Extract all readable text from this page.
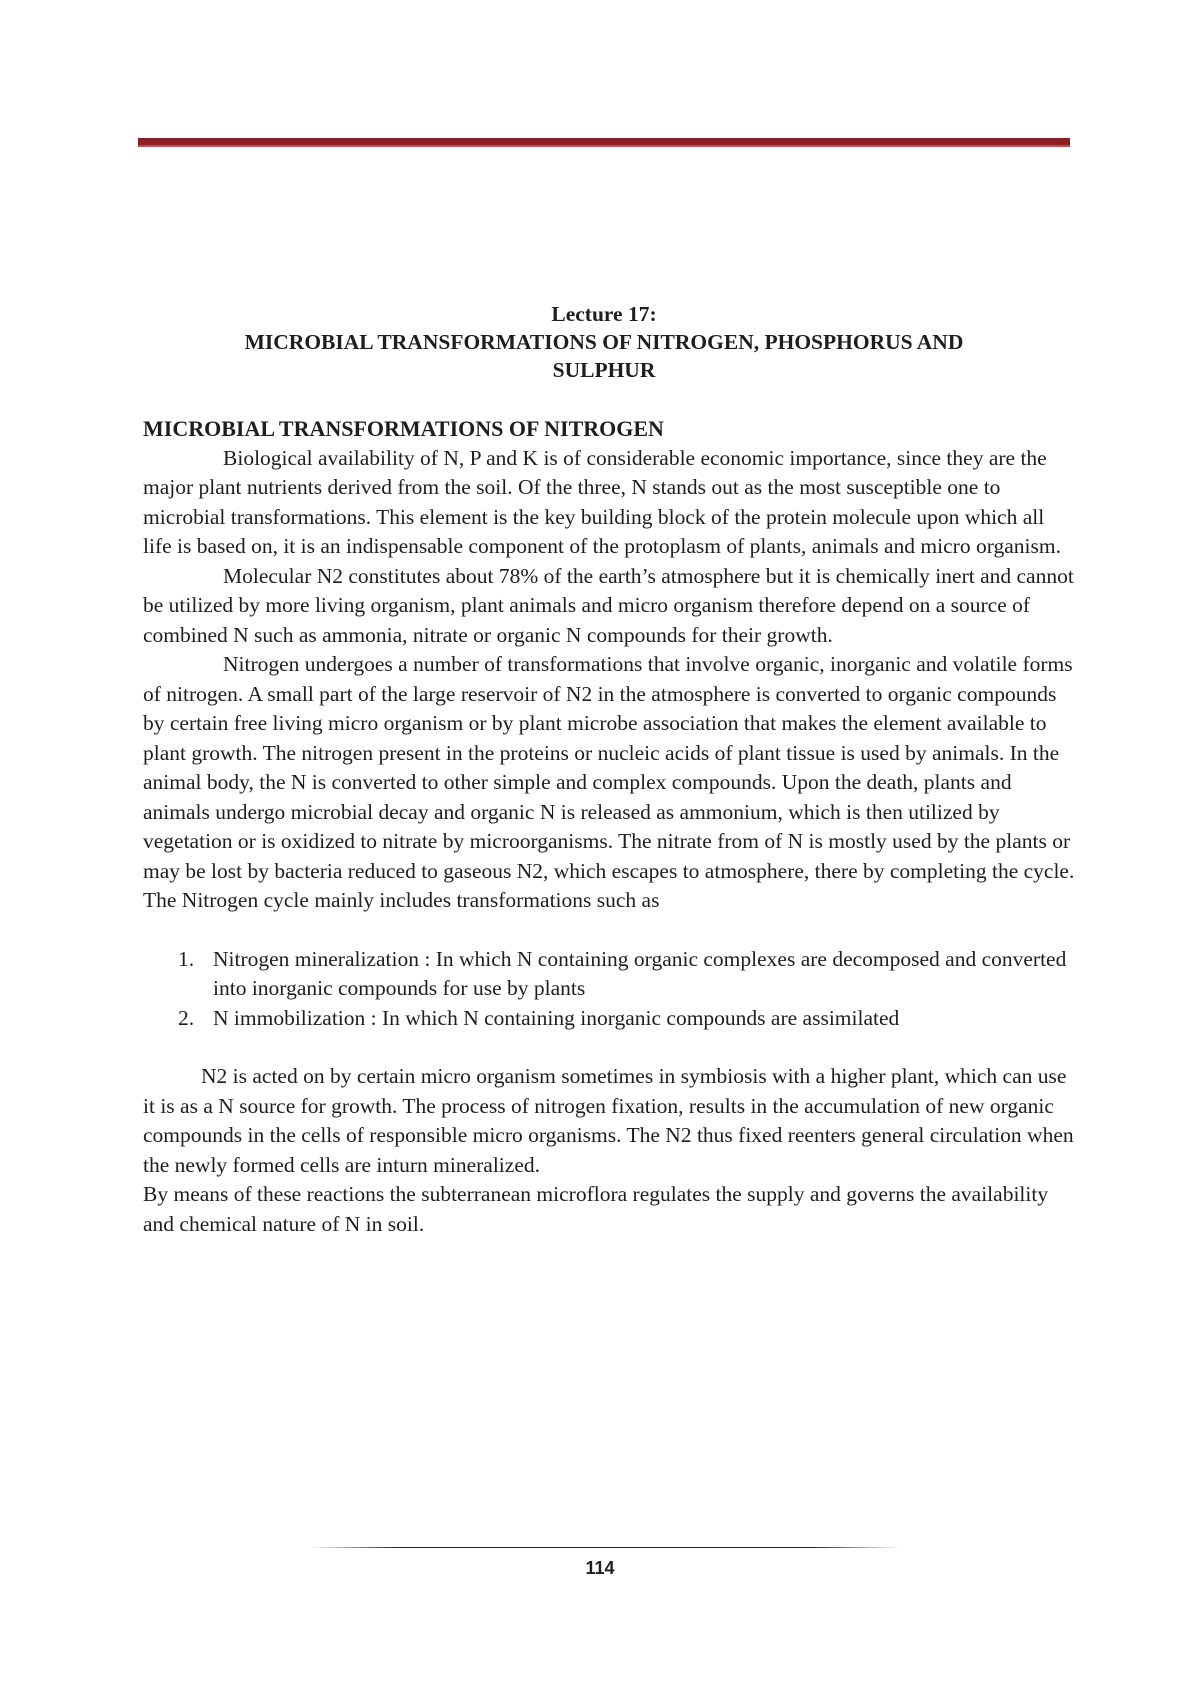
Lecture 17:
MICROBIAL TRANSFORMATIONS OF NITROGEN, PHOSPHORUS AND
SULPHUR
MICROBIAL TRANSFORMATIONS OF NITROGEN

Biological availability of N, P and K is of considerable economic importance, since they are the major plant nutrients derived from the soil. Of the three, N stands out as the most susceptible one to microbial transformations. This element is the key building block of the protein molecule upon which all life is based on, it is an indispensable component of the protoplasm of plants, animals and micro organism.

Molecular N2 constitutes about 78% of the earth’s atmosphere but it is chemically inert and cannot be utilized by more living organism, plant animals and micro organism therefore depend on a source of combined N such as ammonia, nitrate or organic N compounds for their growth.

Nitrogen undergoes a number of transformations that involve organic, inorganic and volatile forms of nitrogen. A small part of the large reservoir of N2 in the atmosphere is converted to organic compounds by certain free living micro organism or by plant microbe association that makes the element available to plant growth. The nitrogen present in the proteins or nucleic acids of plant tissue is used by animals. In the animal body, the N is converted to other simple and complex compounds. Upon the death, plants and animals undergo microbial decay and organic N is released as ammonium, which is then utilized by vegetation or is oxidized to nitrate by microorganisms. The nitrate from of N is mostly used by the plants or may be lost by bacteria reduced to gaseous N2, which escapes to atmosphere, there by completing the cycle. The Nitrogen cycle mainly includes transformations such as

1. Nitrogen mineralization : In which N containing organic complexes are decomposed and converted into inorganic compounds for use by plants
2. N immobilization : In which N containing inorganic compounds are assimilated

N2 is acted on by certain micro organism sometimes in symbiosis with a higher plant, which can use it is as a N source for growth. The process of nitrogen fixation, results in the accumulation of new organic compounds in the cells of responsible micro organisms. The N2 thus fixed reenters general circulation when the newly formed cells are inturn mineralized.

By means of these reactions the subterranean microflora regulates the supply and governs the availability and chemical nature of N in soil.

114
